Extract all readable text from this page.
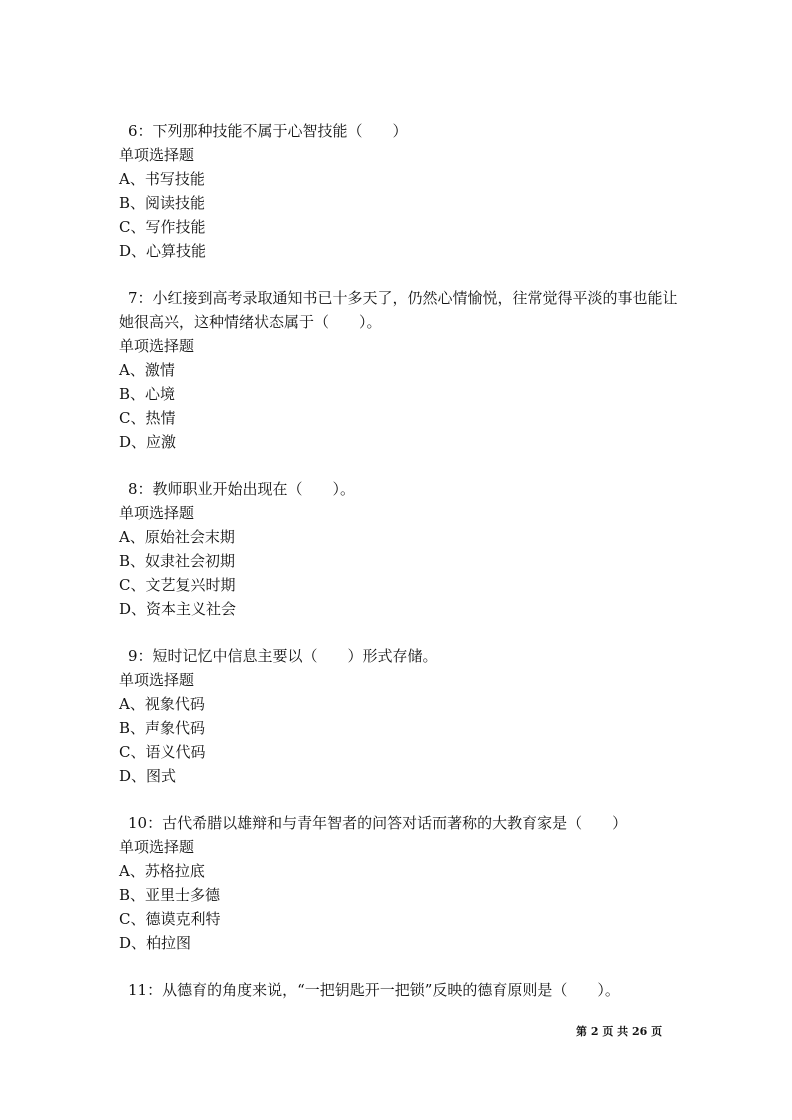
6：下列那种技能不属于心智技能（　　）

单项选择题

A、书写技能
B、阅读技能
C、写作技能
D、心算技能

7：小红接到高考录取通知书已十多天了，仍然心情愉悦，往常觉得平淡的事也能让她很高兴，这种情绪状态属于（　　）。

单项选择题

A、激情
B、心境
C、热情
D、应激

8：教师职业开始出现在（　　）。

单项选择题

A、原始社会末期
B、奴隶社会初期
C、文艺复兴时期
D、资本主义社会

9：短时记忆中信息主要以（　　）形式存储。

单项选择题

A、视象代码
B、声象代码
C、语义代码
D、图式

10：古代希腊以雄辩和与青年智者的问答对话而著称的大教育家是（　　）

单项选择题

A、苏格拉底
B、亚里士多德
C、德谟克利特
D、柏拉图

11：从德育的角度来说，“一把钥匙开一把锁”反映的德育原则是（　　）。

第 2 页 共 26 页
